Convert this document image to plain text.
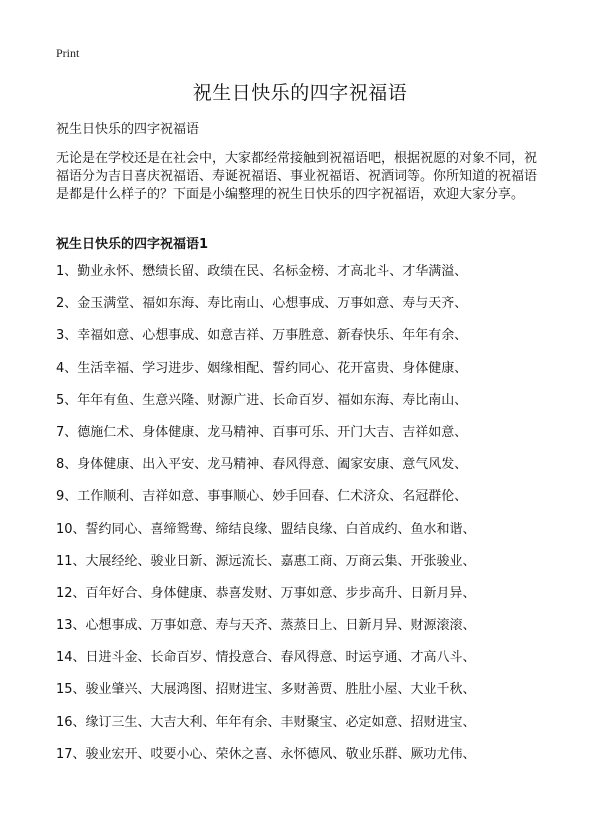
Print
祝生日快乐的四字祝福语

祝生日快乐的四字祝福语

无论是在学校还是在社会中，大家都经常接触到祝福语吧，根据祝愿的对象不同，祝福语分为吉日喜庆祝福语、寿诞祝福语、事业祝福语、祝酒词等。你所知道的祝福语是都是什么样子的？下面是小编整理的祝生日快乐的四字祝福语，欢迎大家分享。

祝生日快乐的四字祝福语1
1、勤业永怀、懋绩长留、政绩在民、名标金榜、才高北斗、才华满溢、
2、金玉满堂、福如东海、寿比南山、心想事成、万事如意、寿与天齐、
3、幸福如意、心想事成、如意吉祥、万事胜意、新春快乐、年年有余、
4、生活幸福、学习进步、姻缘相配、誓约同心、花开富贵、身体健康、
5、年年有鱼、生意兴隆、财源广进、长命百岁、福如东海、寿比南山、
7、德施仁术、身体健康、龙马精神、百事可乐、开门大吉、吉祥如意、
8、身体健康、出入平安、龙马精神、春风得意、阖家安康、意气风发、
9、工作顺利、吉祥如意、事事顺心、妙手回春、仁术济众、名冠群伦、
10、誓约同心、喜缔鸳鸯、缔结良缘、盟结良缘、白首成约、鱼水和谐、
11、大展经纶、骏业日新、源远流长、嘉惠工商、万商云集、开张骏业、
12、百年好合、身体健康、恭喜发财、万事如意、步步高升、日新月异、
13、心想事成、万事如意、寿与天齐、蒸蒸日上、日新月异、财源滚滚、
14、日进斗金、长命百岁、情投意合、春风得意、时运亨通、才高八斗、
15、骏业肇兴、大展鸿图、招财进宝、多财善贾、胜肚小屋、大业千秋、
16、缘订三生、大吉大利、年年有余、丰财聚宝、必定如意、招财进宝、
17、骏业宏开、哎要小心、荣休之喜、永怀德风、敬业乐群、厥功尤伟、
